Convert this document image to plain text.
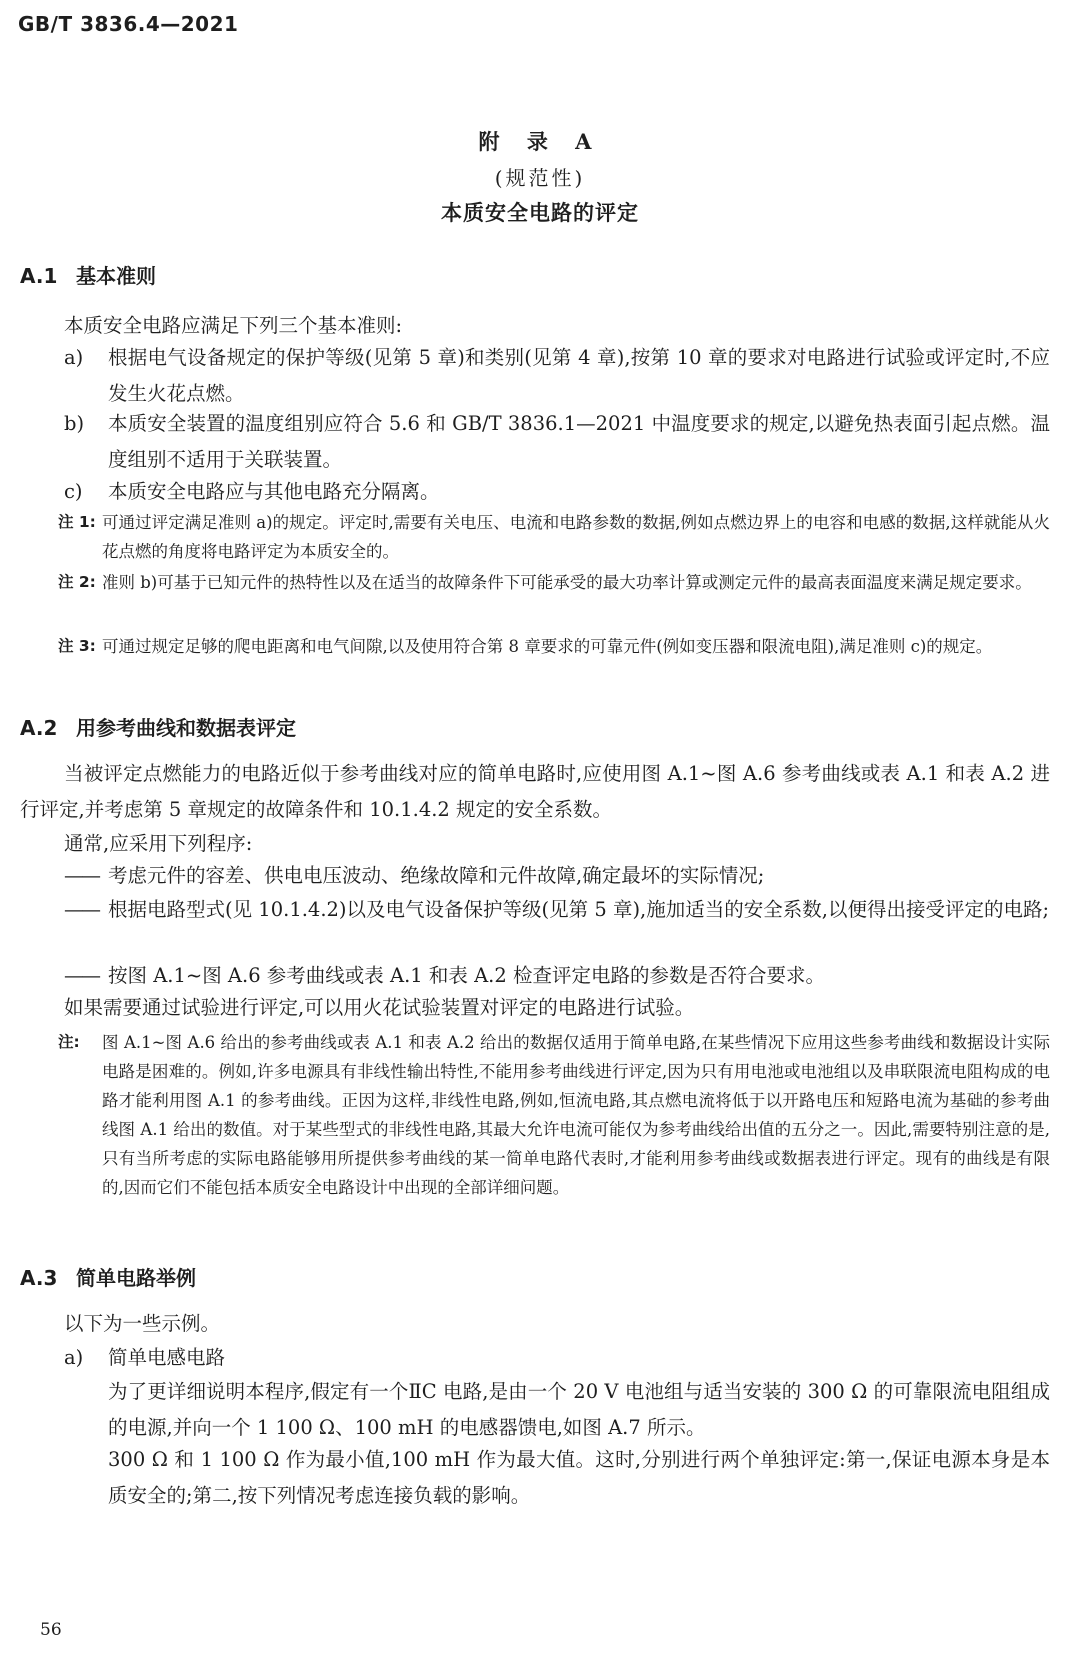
GB/T 3836.4—2021
附 录 A
(规范性)
本质安全电路的评定
A.1 基本准则
本质安全电路应满足下列三个基本准则:
a)	根据电气设备规定的保护等级(见第 5 章)和类别(见第 4 章),按第 10 章的要求对电路进行试验或评定时,不应发生火花点燃。
b)	本质安全装置的温度组别应符合 5.6 和 GB/T 3836.1—2021 中温度要求的规定,以避免热表面引起点燃。温度组别不适用于关联装置。
c)	本质安全电路应与其他电路充分隔离。
注 1: 可通过评定满足准则 a)的规定。评定时,需要有关电压、电流和电路参数的数据,例如点燃边界上的电容和电感的数据,这样就能从火花点燃的角度将电路评定为本质安全的。
注 2: 准则 b)可基于已知元件的热特性以及在适当的故障条件下可能承受的最大功率计算或测定元件的最高表面温度来满足规定要求。
注 3: 可通过规定足够的爬电距离和电气间隙,以及使用符合第 8 章要求的可靠元件(例如变压器和限流电阻),满足准则 c)的规定。
A.2 用参考曲线和数据表评定
当被评定点燃能力的电路近似于参考曲线对应的简单电路时,应使用图 A.1~图 A.6 参考曲线或表 A.1 和表 A.2 进行评定,并考虑第 5 章规定的故障条件和 10.1.4.2 规定的安全系数。
通常,应采用下列程序:
—— 考虑元件的容差、供电电压波动、绝缘故障和元件故障,确定最坏的实际情况;
—— 根据电路型式(见 10.1.4.2)以及电气设备保护等级(见第 5 章),施加适当的安全系数,以便得出接受评定的电路;
—— 按图 A.1~图 A.6 参考曲线或表 A.1 和表 A.2 检查评定电路的参数是否符合要求。
如果需要通过试验进行评定,可以用火花试验装置对评定的电路进行试验。
注: 图 A.1~图 A.6 给出的参考曲线或表 A.1 和表 A.2 给出的数据仅适用于简单电路,在某些情况下应用这些参考曲线和数据设计实际电路是困难的。例如,许多电源具有非线性输出特性,不能用参考曲线进行评定,因为只有用电池或电池组以及串联限流电阻构成的电路才能利用图 A.1 的参考曲线。正因为这样,非线性电路,例如,恒流电路,其点燃电流将低于以开路电压和短路电流为基础的参考曲线图 A.1 给出的数值。对于某些型式的非线性电路,其最大允许电流可能仅为参考曲线给出值的五分之一。因此,需要特别注意的是,只有当所考虑的实际电路能够用所提供参考曲线的某一简单电路代表时,才能利用参考曲线或数据表进行评定。现有的曲线是有限的,因而它们不能包括本质安全电路设计中出现的全部详细问题。
A.3 简单电路举例
以下为一些示例。
a)	简单电感电路
为了更详细说明本程序,假定有一个ⅡC 电路,是由一个 20 V 电池组与适当安装的 300 Ω 的可靠限流电阻组成的电源,并向一个 1 100 Ω、100 mH 的电感器馈电,如图 A.7 所示。
300 Ω 和 1 100 Ω 作为最小值,100 mH 作为最大值。这时,分别进行两个单独评定:第一,保证电源本身是本质安全的;第二,按下列情况考虑连接负载的影响。
56
